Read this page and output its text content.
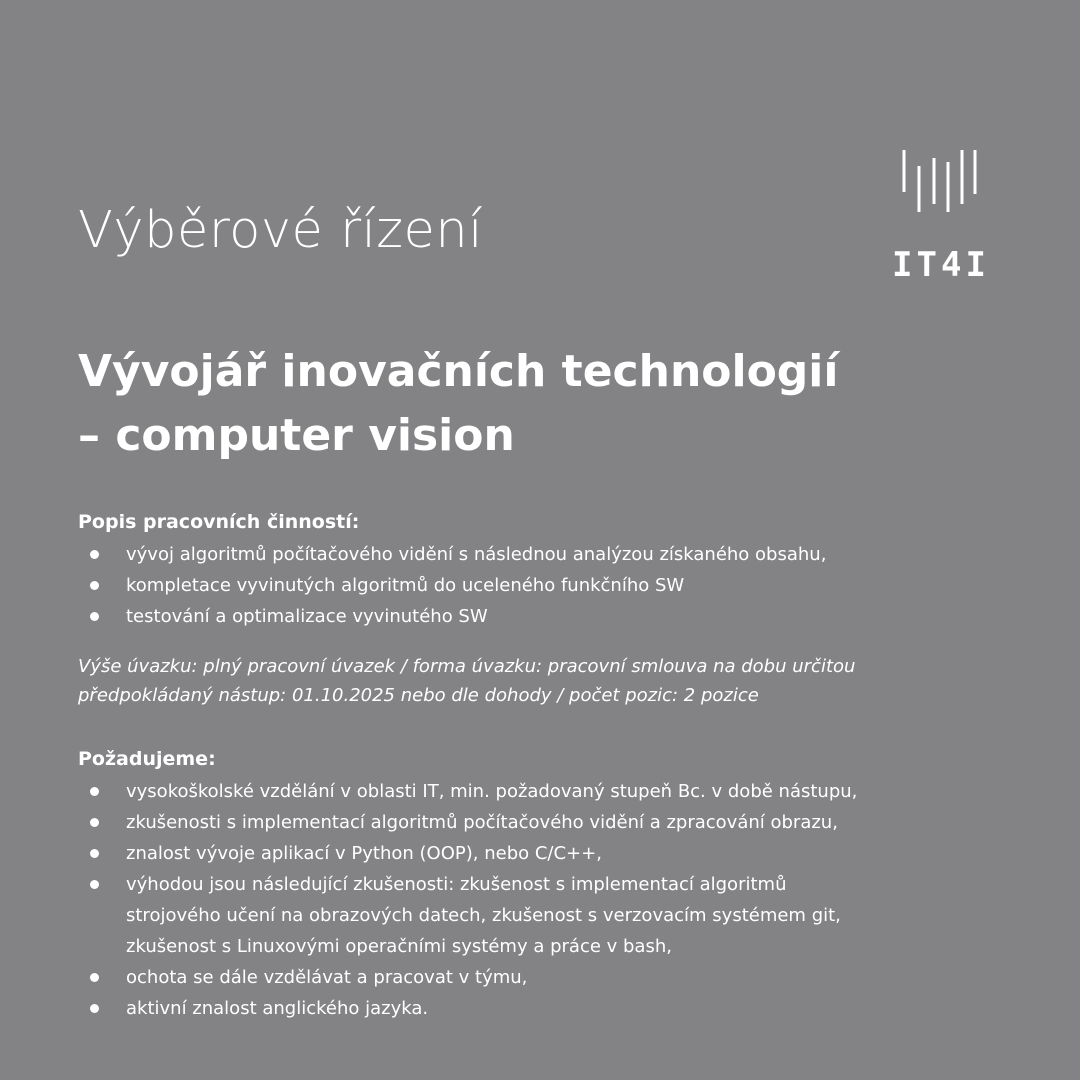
IT4I
Výběrové řízení
Vývojář inovačních technologií
– computer vision

Popis pracovních činností:

vývoj algoritmů počítačového vidění s následnou analýzou získaného obsahu,
kompletace vyvinutých algoritmů do uceleného funkčního SW
testování a optimalizace vyvinutého SW

Výše úvazku: plný pracovní úvazek / forma úvazku: pracovní smlouva na dobu určitou
předpokládaný nástup: 01.10.2025 nebo dle dohody / počet pozic: 2 pozice

Požadujeme:

vysokoškolské vzdělání v oblasti IT, min. požadovaný stupeň Bc. v době nástupu,
zkušenosti s implementací algoritmů počítačového vidění a zpracování obrazu,
znalost vývoje aplikací v Python (OOP), nebo C/C++,
výhodou jsou následující zkušenosti: zkušenost s implementací algoritmů
strojového učení na obrazových datech, zkušenost s verzovacím systémem git,
zkušenost s Linuxovými operačními systémy a práce v bash,
ochota se dále vzdělávat a pracovat v týmu,
aktivní znalost anglického jazyka.
